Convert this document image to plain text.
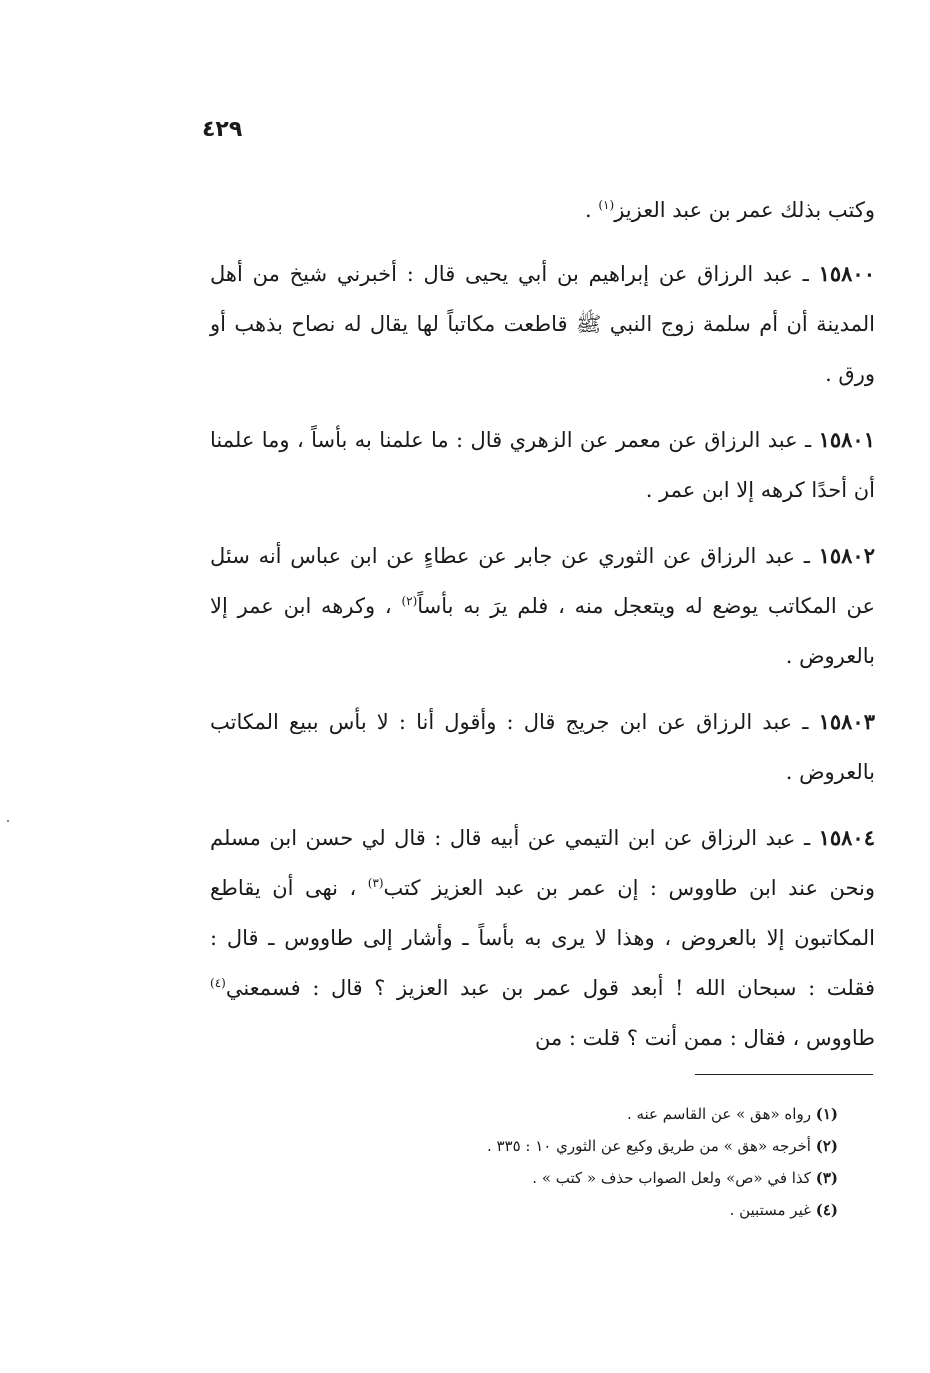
٤٢٩

وكتب بذلك عمر بن عبد العزيز$^{(١)}$ .

١٥٨٠٠ ـ عبد الرزاق عن إبراهيم بن أبي يحيى قال : أخبرني شيخ من أهل المدينة أن أم سلمة زوج النبي ﷺ قاطعت مكاتباً لها يقال له نصاح بذهب أو ورق .

١٥٨٠١ ـ عبد الرزاق عن معمر عن الزهري قال : ما علمنا به بأساً ، وما علمنا أن أحدًا كرهه إلا ابن عمر .

١٥٨٠٢ ـ عبد الرزاق عن الثوري عن جابر عن عطاءٍ عن ابن عباس أنه سئل عن المكاتب يوضع له ويتعجل منه ، فلم يرَ به بأساً$^{(٢)}$ ، وكرهه ابن عمر إلا بالعروض .

١٥٨٠٣ ـ عبد الرزاق عن ابن جريج قال : وأقول أنا : لا بأس ببيع المكاتب بالعروض .

١٥٨٠٤ ـ عبد الرزاق عن ابن التيمي عن أبيه قال : قال لي حسن ابن مسلم ونحن عند ابن طاووس : إن عمر بن عبد العزيز كتب$^{(٣)}$ ، نهى أن يقاطع المكاتبون إلا بالعروض ، وهذا لا يرى به بأساً ـ وأشار إلى طاووس ـ قال : فقلت : سبحان الله ! أبعد قول عمر بن عبد العزيز ؟ قال : فسمعني$^{(٤)}$ طاووس ، فقال : ممن أنت ؟ قلت : من

(١) رواه «هق » عن القاسم عنه .
(٢) أخرجه «هق » من طريق وكيع عن الثوري ١٠ : ٣٣٥ .
(٣) كذا في «ص» ولعل الصواب حذف « كتب » .
(٤) غير مستبين .
